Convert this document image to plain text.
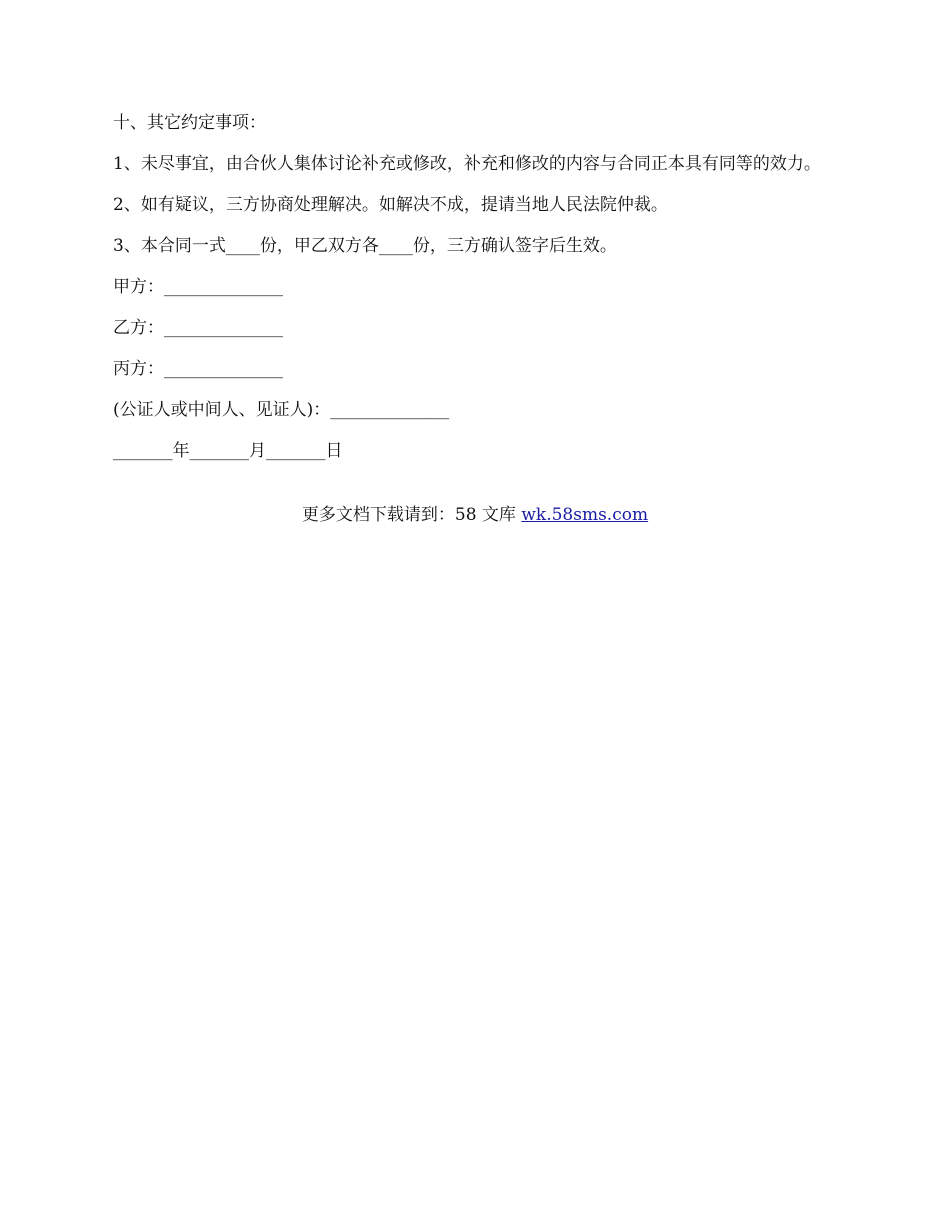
十、其它约定事项：

1、未尽事宜，由合伙人集体讨论补充或修改，补充和修改的内容与合同正本具有同等的效力。

2、如有疑议，三方协商处理解决。如解决不成，提请当地人民法院仲裁。

3、本合同一式____份，甲乙双方各____份，三方确认签字后生效。

甲方：______________

乙方：______________

丙方：______________

(公证人或中间人、见证人)：______________

_______年_______月_______日

更多文档下载请到：58 文库 wk.58sms.com
